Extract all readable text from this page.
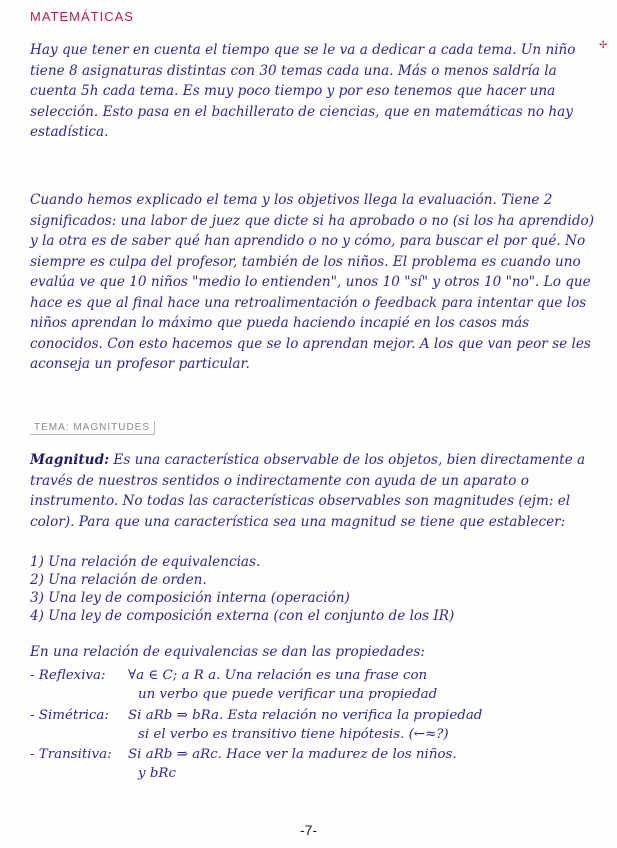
MATEMÁTICAS
✢
Hay que tener en cuenta el tiempo que se le va a dedicar a cada tema. Un niño tiene 8 asignaturas distintas con 30 temas cada una. Más o menos saldría la cuenta 5h cada tema. Es muy poco tiempo y por eso tenemos que hacer una selección. Esto pasa en el bachillerato de ciencias, que en matemáticas no hay estadística.
Cuando hemos explicado el tema y los objetivos llega la evaluación. Tiene 2 significados: una labor de juez que dicte si ha aprobado o no (si los ha aprendido) y la otra es de saber qué han aprendido o no y cómo, para buscar el por qué. No siempre es culpa del profesor, también de los niños. El problema es cuando uno evalúa ve que 10 niños "medio lo entienden", unos 10 "sí" y otros 10 "no". Lo que hace es que al final hace una retroalimentación o feedback para intentar que los niños aprendan lo máximo que pueda haciendo incapié en los casos más conocidos. Con esto hacemos que se lo aprendan mejor. A los que van peor se les aconseja un profesor particular.
TEMA: MAGNITUDES
Magnitud: Es una característica observable de los objetos, bien directamente a través de nuestros sentidos o indirectamente con ayuda de un aparato o instrumento. No todas las características observables son magnitudes (ejm: el color). Para que una característica sea una magnitud se tiene que establecer:
1) Una relación de equivalencias.
2) Una relación de orden.
3) Una ley de composición interna (operación)
4) Una ley de composición externa (con el conjunto de los IR)
En una relación de equivalencias se dan las propiedades:
- Reflexiva: ∀a ∈ C; a R a. Una relación es una frase con
un verbo que puede verificar una propiedad
- Simétrica: Si aRb ⇒ bRa. Esta relación no verifica la propiedad
si el verbo es transitivo tiene hipótesis. (←≈?)
- Transitiva: Si aRb ⇒ aRc. Hace ver la madurez de los niños.
y bRc
-7-
